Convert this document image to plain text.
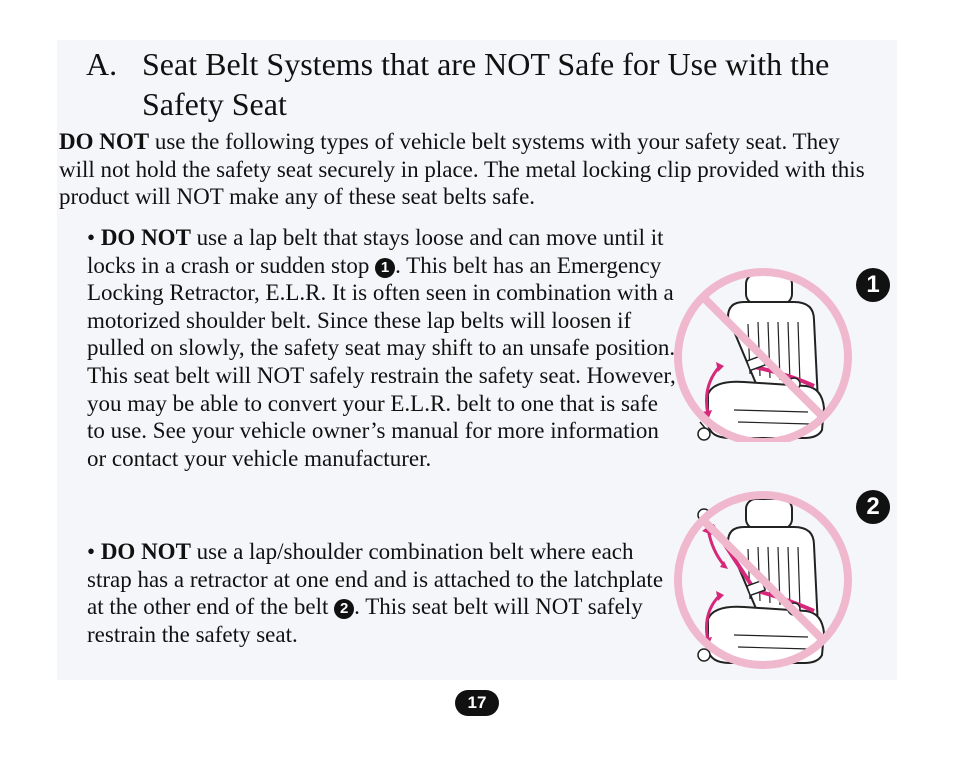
A. Seat Belt Systems that are NOT Safe for Use with the Safety Seat

DO NOT use the following types of vehicle belt systems with your safety seat. They will not hold the safety seat securely in place. The metal locking clip provided with this product will NOT make any of these seat belts safe.

• DO NOT use a lap belt that stays loose and can move until it locks in a crash or sudden stop 1 . This belt has an Emergency Locking Retractor, E.L.R. It is often seen in combination with a motorized shoulder belt. Since these lap belts will loosen if pulled on slowly, the safety seat may shift to an unsafe position. This seat belt will NOT safely restrain the safety seat. However, you may be able to convert your E.L.R. belt to one that is safe to use. See your vehicle owner’s manual for more information or contact your vehicle manufacturer.

• DO NOT use a lap/shoulder combination belt where each strap has a retractor at one end and is attached to the latchplate at the other end of the belt 2 . This seat belt will NOT safely restrain the safety seat.

1
2
17
